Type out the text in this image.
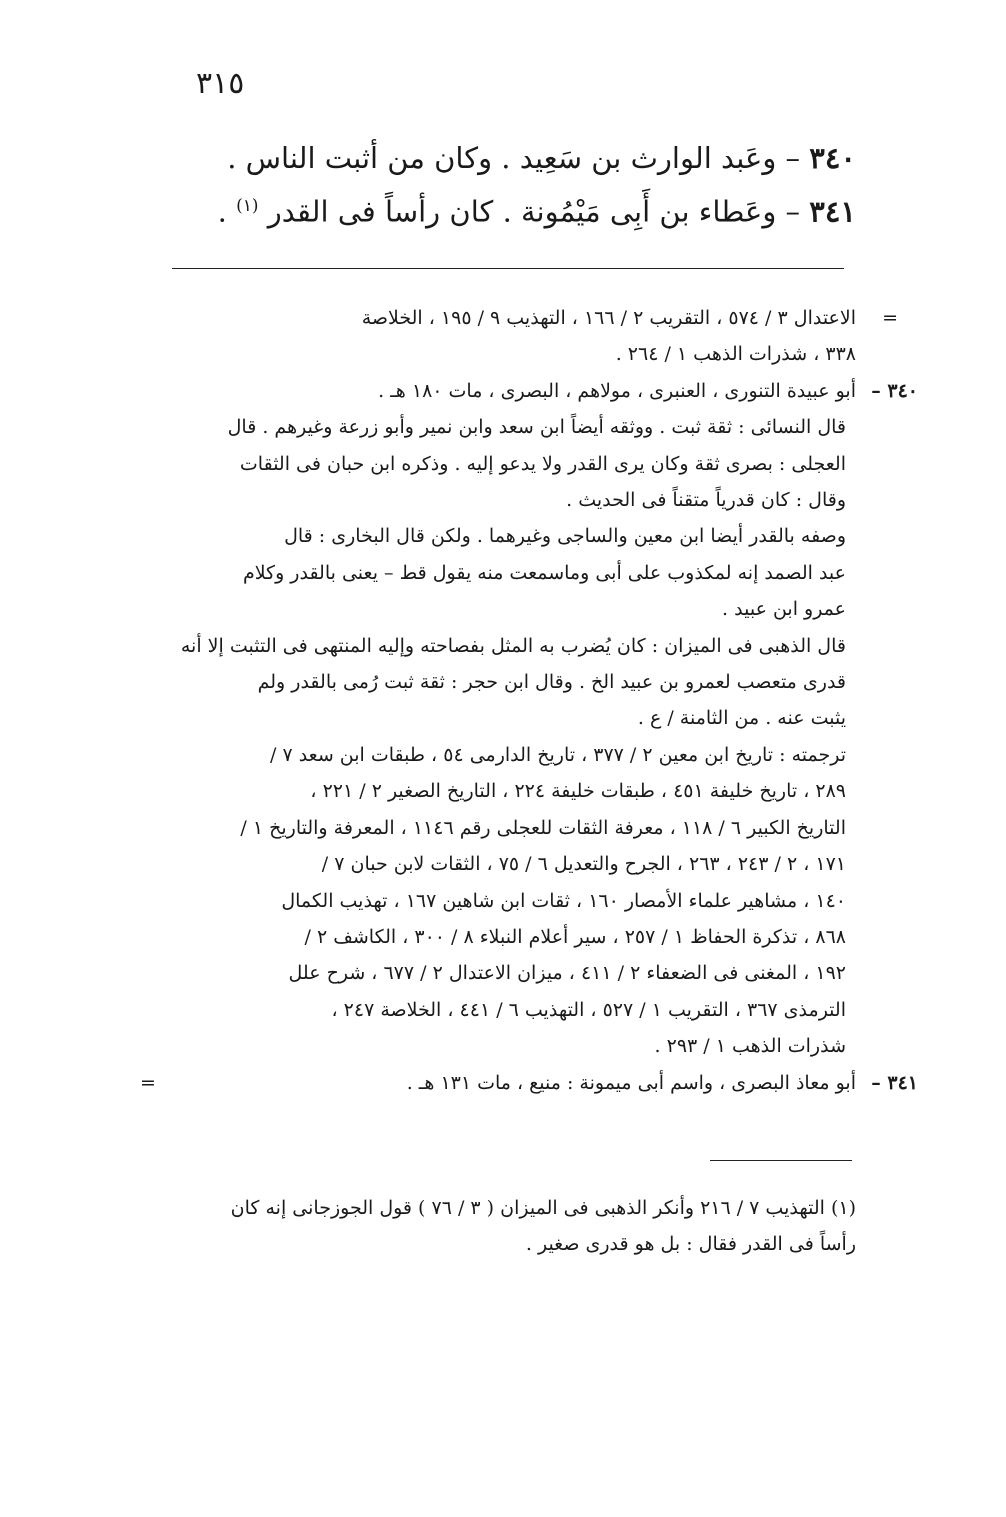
٣١٥
٣٤٠ – وعَبد الوارث بن سَعِيد . وكان من أثبت الناس .
٣٤١ – وعَطاء بن أَبِى مَيْمُونة . كان رأساً فى القدر $^{(١)}$ .
=
الاعتدال ٣ / ٥٧٤ ، التقريب ٢ / ١٦٦ ، التهذيب ٩ / ١٩٥ ، الخلاصة
٣٣٨ ، شذرات الذهب ١ / ٢٦٤ .
٣٤٠ –
أبو عبيدة التنورى ، العنبرى ، مولاهم ، البصرى ، مات ١٨٠ هـ .
قال النسائى : ثقة ثبت . ووثقه أيضاً ابن سعد وابن نمير وأبو زرعة وغيرهم . قال
العجلى : بصرى ثقة وكان يرى القدر ولا يدعو إليه . وذكره ابن حبان فى الثقات
وقال : كان قدرياً متقناً فى الحديث .
وصفه بالقدر أيضا ابن معين والساجى وغيرهما . ولكن قال البخارى : قال
عبد الصمد إنه لمكذوب على أبى وماسمعت منه يقول قط – يعنى بالقدر وكلام
عمرو ابن عبيد .
قال الذهبى فى الميزان : كان يُضرب به المثل بفصاحته وإليه المنتهى فى التثبت إلا أنه
قدرى متعصب لعمرو بن عبيد الخ . وقال ابن حجر : ثقة ثبت رُمى بالقدر ولم
يثبت عنه . من الثامنة / ع .
ترجمته : تاريخ ابن معين ٢ / ٣٧٧ ، تاريخ الدارمى ٥٤ ، طبقات ابن سعد ٧ /
٢٨٩ ، تاريخ خليفة ٤٥١ ، طبقات خليفة ٢٢٤ ، التاريخ الصغير ٢ / ٢٢١ ،
التاريخ الكبير ٦ / ١١٨ ، معرفة الثقات للعجلى رقم ١١٤٦ ، المعرفة والتاريخ ١ /
١٧١ ، ٢ / ٢٤٣ ، ٢٦٣ ، الجرح والتعديل ٦ / ٧٥ ، الثقات لابن حبان ٧ /
١٤٠ ، مشاهير علماء الأمصار ١٦٠ ، ثقات ابن شاهين ١٦٧ ، تهذيب الكمال
٨٦٨ ، تذكرة الحفاظ ١ / ٢٥٧ ، سير أعلام النبلاء ٨ / ٣٠٠ ، الكاشف ٢ /
١٩٢ ، المغنى فى الضعفاء ٢ / ٤١١ ، ميزان الاعتدال ٢ / ٦٧٧ ، شرح علل
الترمذى ٣٦٧ ، التقريب ١ / ٥٢٧ ، التهذيب ٦ / ٤٤١ ، الخلاصة ٢٤٧ ،
شذرات الذهب ١ / ٢٩٣ .
٣٤١ –
أبو معاذ البصرى ، واسم أبى ميمونة : منيع ، مات ١٣١ هـ .
=
(١) التهذيب ٧ / ٢١٦ وأنكر الذهبى فى الميزان ( ٣ / ٧٦ ) قول الجوزجانى إنه كان
رأساً فى القدر فقال : بل هو قدرى صغير .
